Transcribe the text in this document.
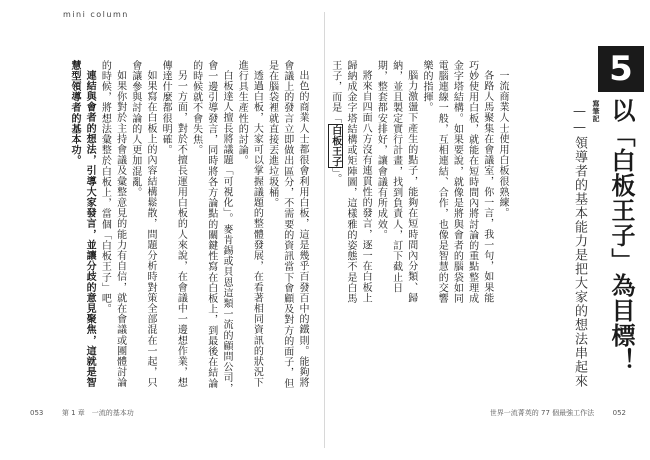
mini column

出色的商業人士都很會利用白板，這是幾乎百發百中的鐵則。能夠將會議上的發言立即做出區分，不需要的資訊當下會顧及對方的面子，但是在腦袋裡就直接丟進垃圾桶。

透過白板，大家可以掌握議題的整體發展，在看著相同資訊的狀況下進行具生產性的討論。

白板達人擅長將議題「可視化」。麥肯錫或貝恩這類一流的顧問公司，會一邊引導發言，同時將各方論點的關鍵性寫在白板上，到最後在結論的時候就不會失焦。

另一方面，對於不擅長運用白板的人來說，在會議中一邊想作業，想傳達什麼都很明確。

如果寫在白板上的內容結構鬆散，問題分析時對策全部混在一起，只會讓參與討論的人更加混亂。

如果你對於主持會議及彙整意見的能力有自信，就在會議或團體討論的時候，將想法彙整於白板上，當個「白板王子」吧。

連結與會者的想法，引導大家發言，並讓分歧的意見聚焦，這就是智慧型領導者的基本功。

053 　　	第 1 章　一流的基本功
5
寫筆記 以「白板王子」為目標！
——領導者的基本能力是把大家的想法串起來

一流商業人士使用白板很熟練。

各路人馬聚集在會議室，你一言，我一句，如果能巧妙使用白板，就能在短時間內將討論的重點整理成金字塔結構。如果要說，就像是將與會者的腦袋如同電腦連線一般，互相連結、合作，也像是智慧的交響樂的指揮。

腦力激盪下產生的點子，能夠在短時間內分類、歸納，並且製定實行計畫，找到負責人，訂下截止日期，整套都安排好，讓會議有所成效。

將來自四面八方沒有連貫性的發言，逐一在白板上歸納成金字塔結構或矩陣圖，這樣雅的姿態不是白馬王子，而是「白板王子」。

世界一流菁英的 77 個最強工作法 　　	052
